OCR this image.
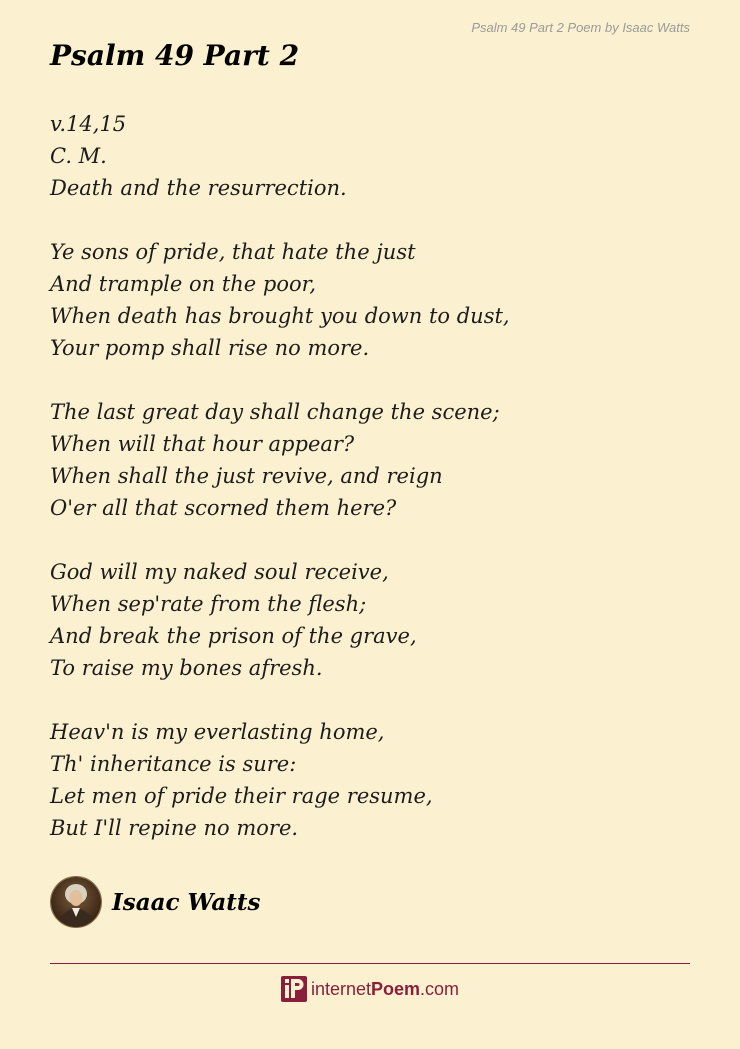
Psalm 49 Part 2 Poem by Isaac Watts
Psalm 49 Part 2
v.14,15
C. M.
Death and the resurrection.
Ye sons of pride, that hate the just
And trample on the poor,
When death has brought you down to dust,
Your pomp shall rise no more.
The last great day shall change the scene;
When will that hour appear?
When shall the just revive, and reign
O'er all that scorned them here?
God will my naked soul receive,
When sep'rate from the flesh;
And break the prison of the grave,
To raise my bones afresh.
Heav'n is my everlasting home,
Th' inheritance is sure:
Let men of pride their rage resume,
But I'll repine no more.
Isaac Watts
internetPoem.com
